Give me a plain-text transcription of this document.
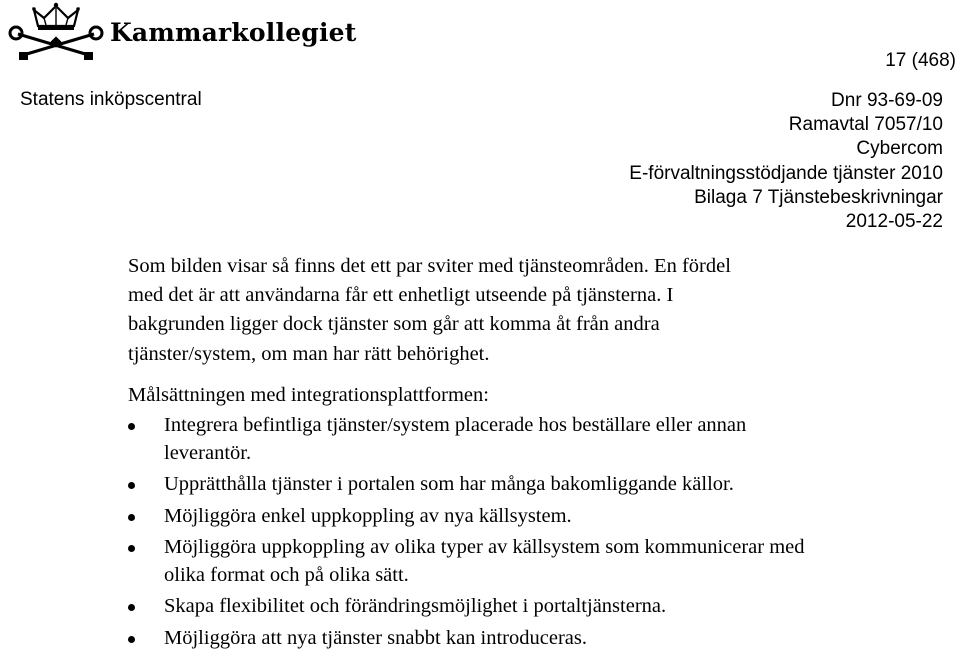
Kammarkollegiet
17 (468)
Statens inköpscentral	Dnr 93-69-09
Ramavtal 7057/10
Cybercom
E-förvaltningsstödjande tjänster 2010
Bilaga 7 Tjänstebeskrivningar
2012-05-22
Som bilden visar så finns det ett par sviter med tjänsteområden. En fördel
med det är att användarna får ett enhetligt utseende på tjänsterna. I
bakgrunden ligger dock tjänster som går att komma åt från andra
tjänster/system, om man har rätt behörighet.
Målsättningen med integrationsplattformen:
Integrera befintliga tjänster/system placerade hos beställare eller annan leverantör.
Upprätthålla tjänster i portalen som har många bakomliggande källor.
Möjliggöra enkel uppkoppling av nya källsystem.
Möjliggöra uppkoppling av olika typer av källsystem som kommunicerar med olika format och på olika sätt.
Skapa flexibilitet och förändringsmöjlighet i portaltjänsterna.
Möjliggöra att nya tjänster snabbt kan introduceras.
